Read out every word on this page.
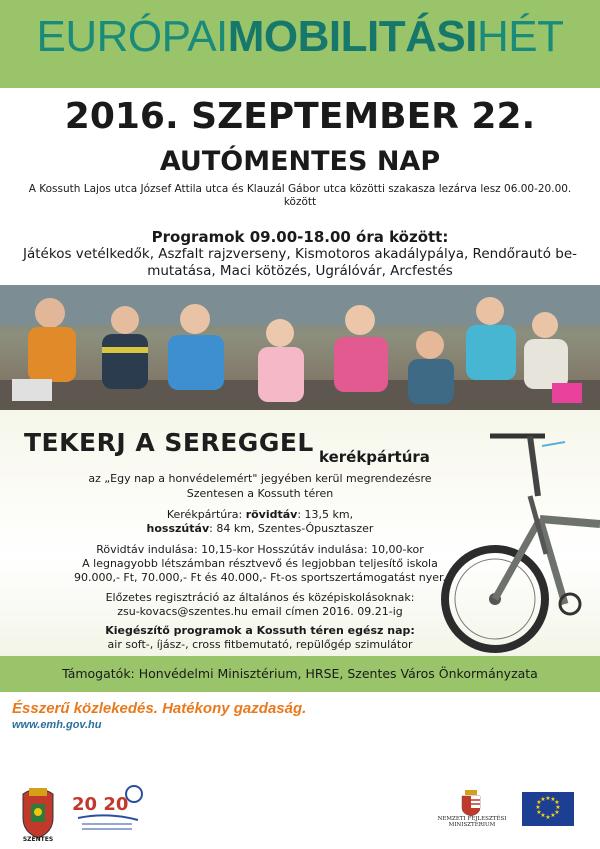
EURÓPAIMOBILITÁSIHÉT
2016. SZEPTEMBER 22.
AUTÓMENTES NAP
A Kossuth Lajos utca József Attila utca és Klauzál Gábor utca közötti szakasza lezárva lesz 06.00-20.00. között
Programok 09.00-18.00 óra között:
Játékos vetélkedők, Aszfalt rajzverseny, Kismotoros akadálypálya, Rendőrautó be-mutatása, Maci kötözés, Ugrálóvár, Arcfestés
TEKERJ A SEREGGEL kerékpártúra
az „Egy nap a honvédelemért" jegyében kerül megrendezésre
Szentesen a Kossuth téren
Kerékpártúra: rövidtáv: 13,5 km,
hosszútáv: 84 km, Szentes-Ópusztaszer
Rövidtáv indulása: 10,15-kor Hosszútáv indulása: 10,00-kor
A legnagyobb létszámban résztvevő és legjobban teljesítő iskola
90.000,- Ft, 70.000,- Ft és 40.000,- Ft-os sportszertámogatást nyer.
Előzetes regisztráció az általános és középiskolásoknak:
zsu-kovacs@szentes.hu email címen 2016. 09.21-ig
Kiegészítő programok a Kossuth téren egész nap:
air soft-, íjász-, cross fitbemutató, repülőgép szimulátor
Támogatók: Honvédelmi Minisztérium, HRSE, Szentes Város Önkormányzata
Ésszerű közlekedés. Hatékony gazdaság.
www.emh.gov.hu
SZENTES
20 20
NEMZETI FEJLESZTÉSI
MINISZTÉRIUM
★ ★
★
★
★
★
★
★
★
★
★
★
